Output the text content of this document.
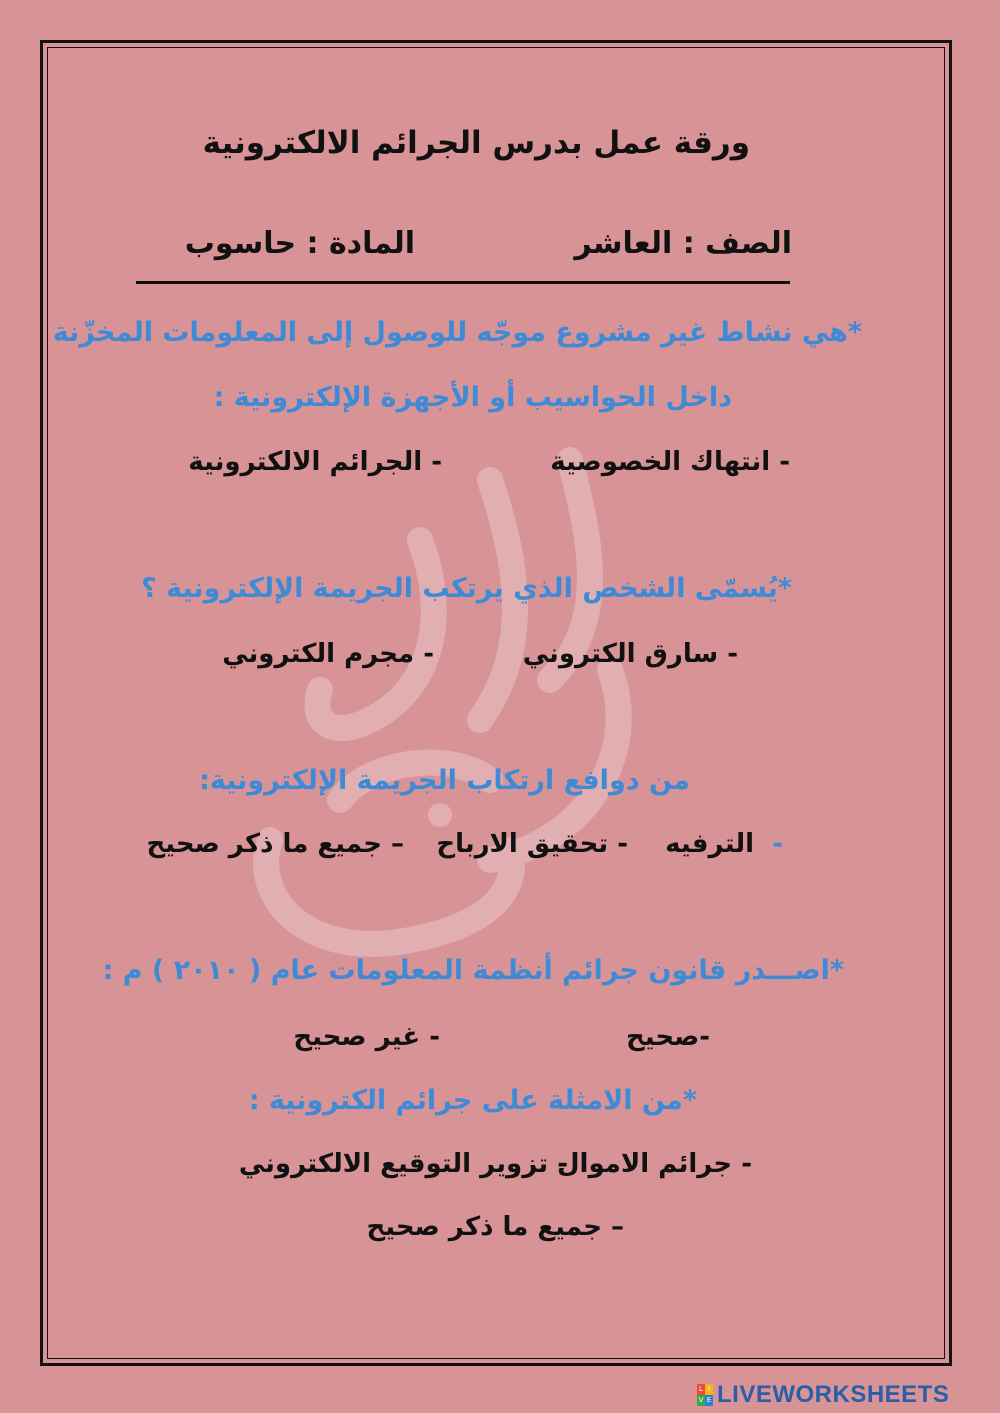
ورقة عمل بدرس الجرائم الالكترونية
الصف : العاشر
المادة : حاسوب
*هي نشاط غير مشروع موجّه للوصول إلى المعلومات المخزّنة
داخل الحواسيب أو الأجهزة الإلكترونية :
- انتهاك الخصوصية
- الجرائم الالكترونية
*يُسمّى الشخص الذي يرتكب الجريمة الإلكترونية ؟
- سارق الكتروني
- مجرم الكتروني
من دوافع ارتكاب الجريمة الإلكترونية:
-
الترفيه
- تحقيق الارباح
– جميع ما ذكر صحيح
*اصـــدر قانون جرائم أنظمة المعلومات عام ( ٢٠١٠ ) م :
-صحيح
- غير صحيح
*من الامثلة على جرائم الكترونية :
- جرائم الاموال
- تزوير التوقيع الالكتروني
– جميع ما ذكر صحيح
L I
V E LIVEWORKSHEETS
